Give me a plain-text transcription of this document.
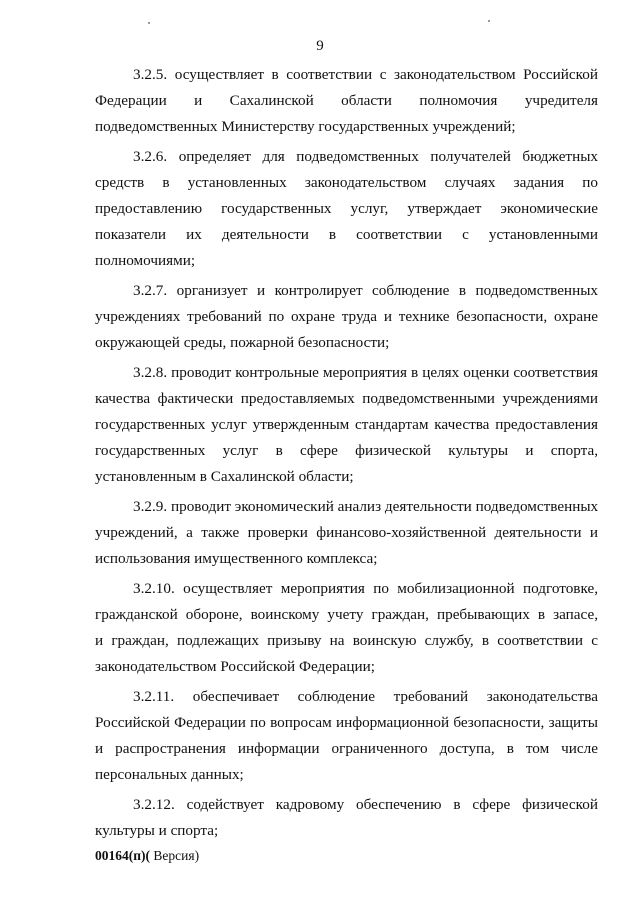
9

3.2.5. осуществляет в соответствии с законодательством Российской
Федерации и Сахалинской области полномочия учредителя
подведомственных Министерству государственных учреждений;

3.2.6. определяет для подведомственных получателей бюджетных
средств в установленных законодательством случаях задания по
предоставлению государственных услуг, утверждает экономические
показатели их деятельности в соответствии с установленными
полномочиями;

3.2.7. организует и контролирует соблюдение в подведомственных
учреждениях требований по охране труда и технике безопасности, охране
окружающей среды, пожарной безопасности;

3.2.8. проводит контрольные мероприятия в целях оценки соответствия
качества фактически предоставляемых подведомственными учреждениями
государственных услуг утвержденным стандартам качества предоставления
государственных услуг в сфере физической культуры и спорта,
установленным в Сахалинской области;

3.2.9. проводит экономический анализ деятельности подведомственных
учреждений, а также проверки финансово-хозяйственной деятельности и
использования имущественного комплекса;

3.2.10. осуществляет мероприятия по мобилизационной подготовке,
гражданской обороне, воинскому учету граждан, пребывающих в запасе,
и граждан, подлежащих призыву на воинскую службу, в соответствии с
законодательством Российской Федерации;

3.2.11. обеспечивает соблюдение требований законодательства
Российской Федерации по вопросам информационной безопасности, защиты
и распространения информации ограниченного доступа, в том числе
персональных данных;

3.2.12. содействует кадровому обеспечению в сфере физической
культуры и спорта;

00164(п)( Версия)
